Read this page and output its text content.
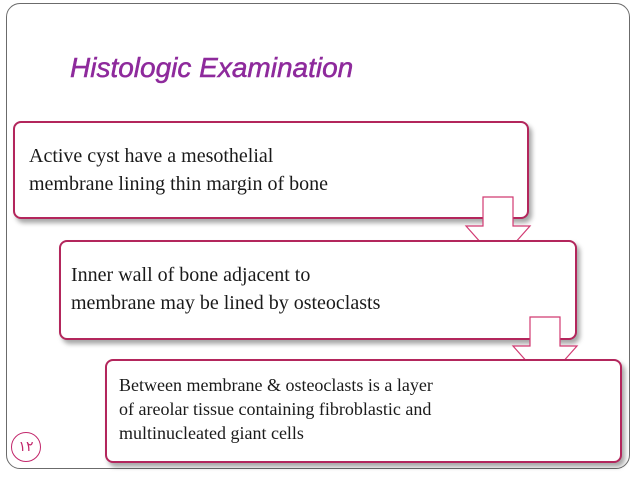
Histologic Examination
Active cyst have a mesothelial
membrane lining thin margin of bone
Inner wall of bone adjacent to
membrane may be lined by osteoclasts
Between membrane & osteoclasts is a layer
of areolar tissue containing fibroblastic and
multinucleated giant cells
١٢
